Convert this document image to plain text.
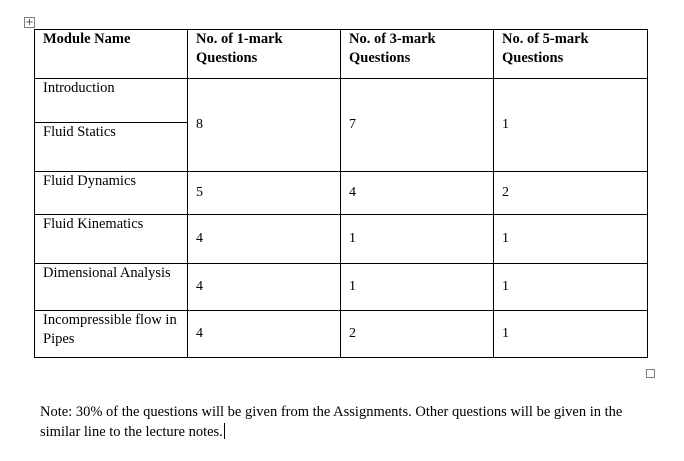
+
Module Name	No. of 1-mark Questions	No. of 3-mark Questions	No. of 5-mark Questions
Introduction	8	7	1
Fluid Statics			
Fluid Dynamics	5	4	2
Fluid Kinematics	4	1	1
Dimensional Analysis	4	1	1
Incompressible flow in Pipes	4	2	1
Note: 30% of the questions will be given from the Assignments. Other questions will be given in the similar line to the lecture notes.
